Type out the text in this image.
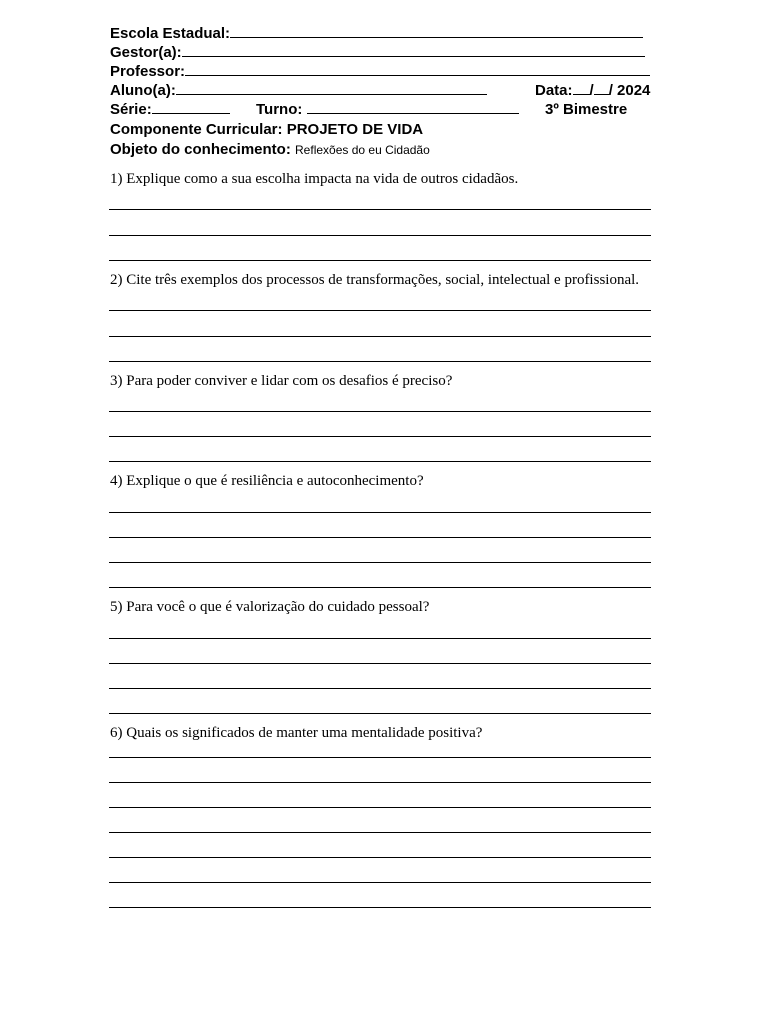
Escola Estadual:
Gestor(a):
Professor:
Aluno(a):	Data: / / 2024
Série:	Turno:	3º Bimestre
Componente Curricular: PROJETO DE VIDA
Objeto do conhecimento: Reflexões do eu Cidadão
1) Explique como a sua escolha impacta na vida de outros cidadãos.
2) Cite três exemplos dos processos de transformações, social, intelectual e profissional.
3) Para poder conviver e lidar com os desafios é preciso?
4) Explique o que é resiliência e autoconhecimento?
5) Para você o que é valorização do cuidado pessoal?
6) Quais os significados de manter uma mentalidade positiva?
